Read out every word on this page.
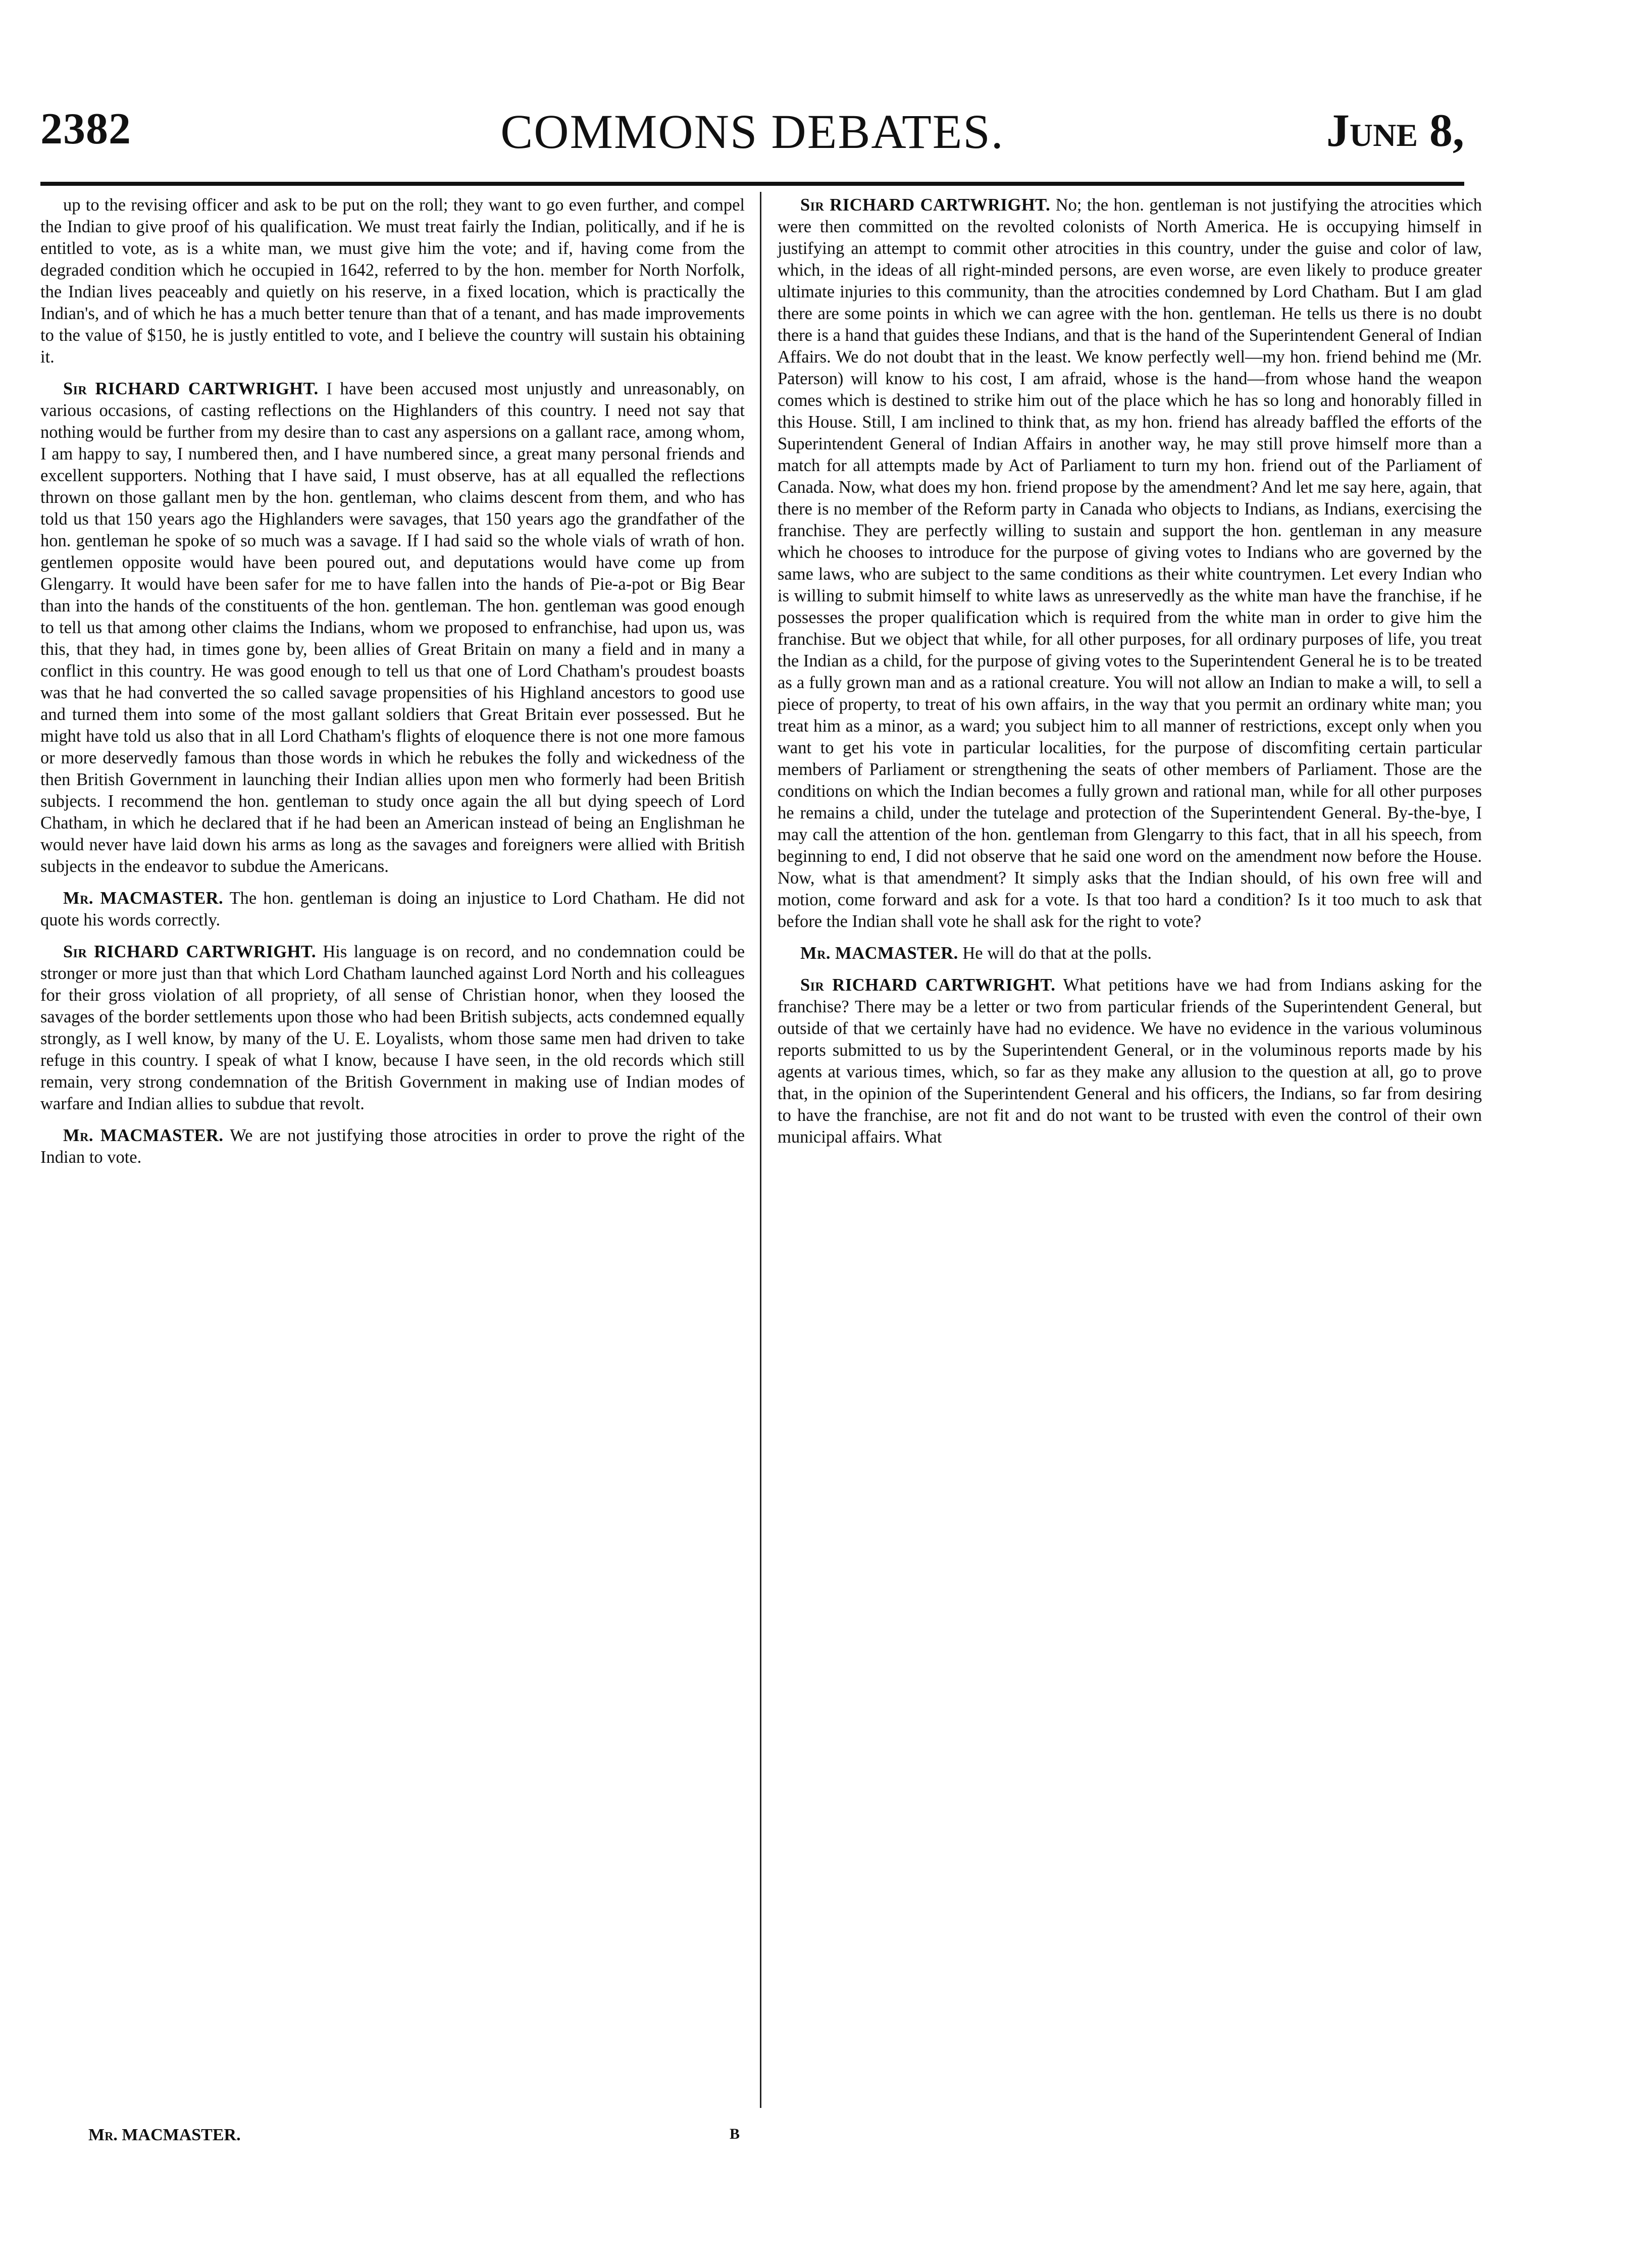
2382	COMMONS DEBATES.	June 8,

up to the revising officer and ask to be put on the roll; they want to go even further, and compel the Indian to give proof of his qualification. We must treat fairly the Indian, politically, and if he is entitled to vote, as is a white man, we must give him the vote; and if, having come from the degraded condition which he occupied in 1642, referred to by the hon. member for North Norfolk, the Indian lives peaceably and quietly on his reserve, in a fixed location, which is practically the Indian's, and of which he has a much better tenure than that of a tenant, and has made improvements to the value of $150, he is justly entitled to vote, and I believe the country will sustain his obtaining it.

Sir RICHARD CARTWRIGHT. I have been accused most unjustly and unreasonably, on various occasions, of casting reflections on the Highlanders of this country. I need not say that nothing would be further from my desire than to cast any aspersions on a gallant race, among whom, I am happy to say, I numbered then, and I have numbered since, a great many personal friends and excellent supporters. Nothing that I have said, I must observe, has at all equalled the reflections thrown on those gallant men by the hon. gentleman, who claims descent from them, and who has told us that 150 years ago the Highlanders were savages, that 150 years ago the grandfather of the hon. gentleman he spoke of so much was a savage. If I had said so the whole vials of wrath of hon. gentlemen opposite would have been poured out, and deputations would have come up from Glengarry. It would have been safer for me to have fallen into the hands of Pie-a-pot or Big Bear than into the hands of the constituents of the hon. gentleman. The hon. gentleman was good enough to tell us that among other claims the Indians, whom we proposed to enfranchise, had upon us, was this, that they had, in times gone by, been allies of Great Britain on many a field and in many a conflict in this country. He was good enough to tell us that one of Lord Chatham's proudest boasts was that he had converted the so called savage propensities of his Highland ancestors to good use and turned them into some of the most gallant soldiers that Great Britain ever possessed. But he might have told us also that in all Lord Chatham's flights of eloquence there is not one more famous or more deservedly famous than those words in which he rebukes the folly and wickedness of the then British Government in launching their Indian allies upon men who formerly had been British subjects. I recommend the hon. gentleman to study once again the all but dying speech of Lord Chatham, in which he declared that if he had been an American instead of being an Englishman he would never have laid down his arms as long as the savages and foreigners were allied with British subjects in the endeavor to subdue the Americans.

Mr. MACMASTER. The hon. gentleman is doing an injustice to Lord Chatham. He did not quote his words correctly.

Sir RICHARD CARTWRIGHT. His language is on record, and no condemnation could be stronger or more just than that which Lord Chatham launched against Lord North and his colleagues for their gross violation of all propriety, of all sense of Christian honor, when they loosed the savages of the border settlements upon those who had been British subjects, acts condemned equally strongly, as I well know, by many of the U. E. Loyalists, whom those same men had driven to take refuge in this country. I speak of what I know, because I have seen, in the old records which still remain, very strong condemnation of the British Government in making use of Indian modes of warfare and Indian allies to subdue that revolt.

Mr. MACMASTER. We are not justifying those atrocities in order to prove the right of the Indian to vote.

Sir RICHARD CARTWRIGHT. No; the hon. gentleman is not justifying the atrocities which were then committed on the revolted colonists of North America. He is occupying himself in justifying an attempt to commit other atrocities in this country, under the guise and color of law, which, in the ideas of all right-minded persons, are even worse, are even likely to produce greater ultimate injuries to this community, than the atrocities condemned by Lord Chatham. But I am glad there are some points in which we can agree with the hon. gentleman. He tells us there is no doubt there is a hand that guides these Indians, and that is the hand of the Superintendent General of Indian Affairs. We do not doubt that in the least. We know perfectly well—my hon. friend behind me (Mr. Paterson) will know to his cost, I am afraid, whose is the hand—from whose hand the weapon comes which is destined to strike him out of the place which he has so long and honorably filled in this House. Still, I am inclined to think that, as my hon. friend has already baffled the efforts of the Superintendent General of Indian Affairs in another way, he may still prove himself more than a match for all attempts made by Act of Parliament to turn my hon. friend out of the Parliament of Canada. Now, what does my hon. friend propose by the amendment? And let me say here, again, that there is no member of the Reform party in Canada who objects to Indians, as Indians, exercising the franchise. They are perfectly willing to sustain and support the hon. gentleman in any measure which he chooses to introduce for the purpose of giving votes to Indians who are governed by the same laws, who are subject to the same conditions as their white countrymen. Let every Indian who is willing to submit himself to white laws as unreservedly as the white man have the franchise, if he possesses the proper qualification which is required from the white man in order to give him the franchise. But we object that while, for all other purposes, for all ordinary purposes of life, you treat the Indian as a child, for the purpose of giving votes to the Superintendent General he is to be treated as a fully grown man and as a rational creature. You will not allow an Indian to make a will, to sell a piece of property, to treat of his own affairs, in the way that you permit an ordinary white man; you treat him as a minor, as a ward; you subject him to all manner of restrictions, except only when you want to get his vote in particular localities, for the purpose of discomfiting certain particular members of Parliament or strengthening the seats of other members of Parliament. Those are the conditions on which the Indian becomes a fully grown and rational man, while for all other purposes he remains a child, under the tutelage and protection of the Superintendent General. By-the-bye, I may call the attention of the hon. gentleman from Glengarry to this fact, that in all his speech, from beginning to end, I did not observe that he said one word on the amendment now before the House. Now, what is that amendment? It simply asks that the Indian should, of his own free will and motion, come forward and ask for a vote. Is that too hard a condition? Is it too much to ask that before the Indian shall vote he shall ask for the right to vote?

Mr. MACMASTER. He will do that at the polls.

Sir RICHARD CARTWRIGHT. What petitions have we had from Indians asking for the franchise? There may be a letter or two from particular friends of the Superintendent General, but outside of that we certainly have had no evidence. We have no evidence in the various voluminous reports submitted to us by the Superintendent General, or in the voluminous reports made by his agents at various times, which, so far as they make any allusion to the question at all, go to prove that, in the opinion of the Superintendent General and his officers, the Indians, so far from desiring to have the franchise, are not fit and do not want to be trusted with even the control of their own municipal affairs. What

Mr. MACMASTER.	B
